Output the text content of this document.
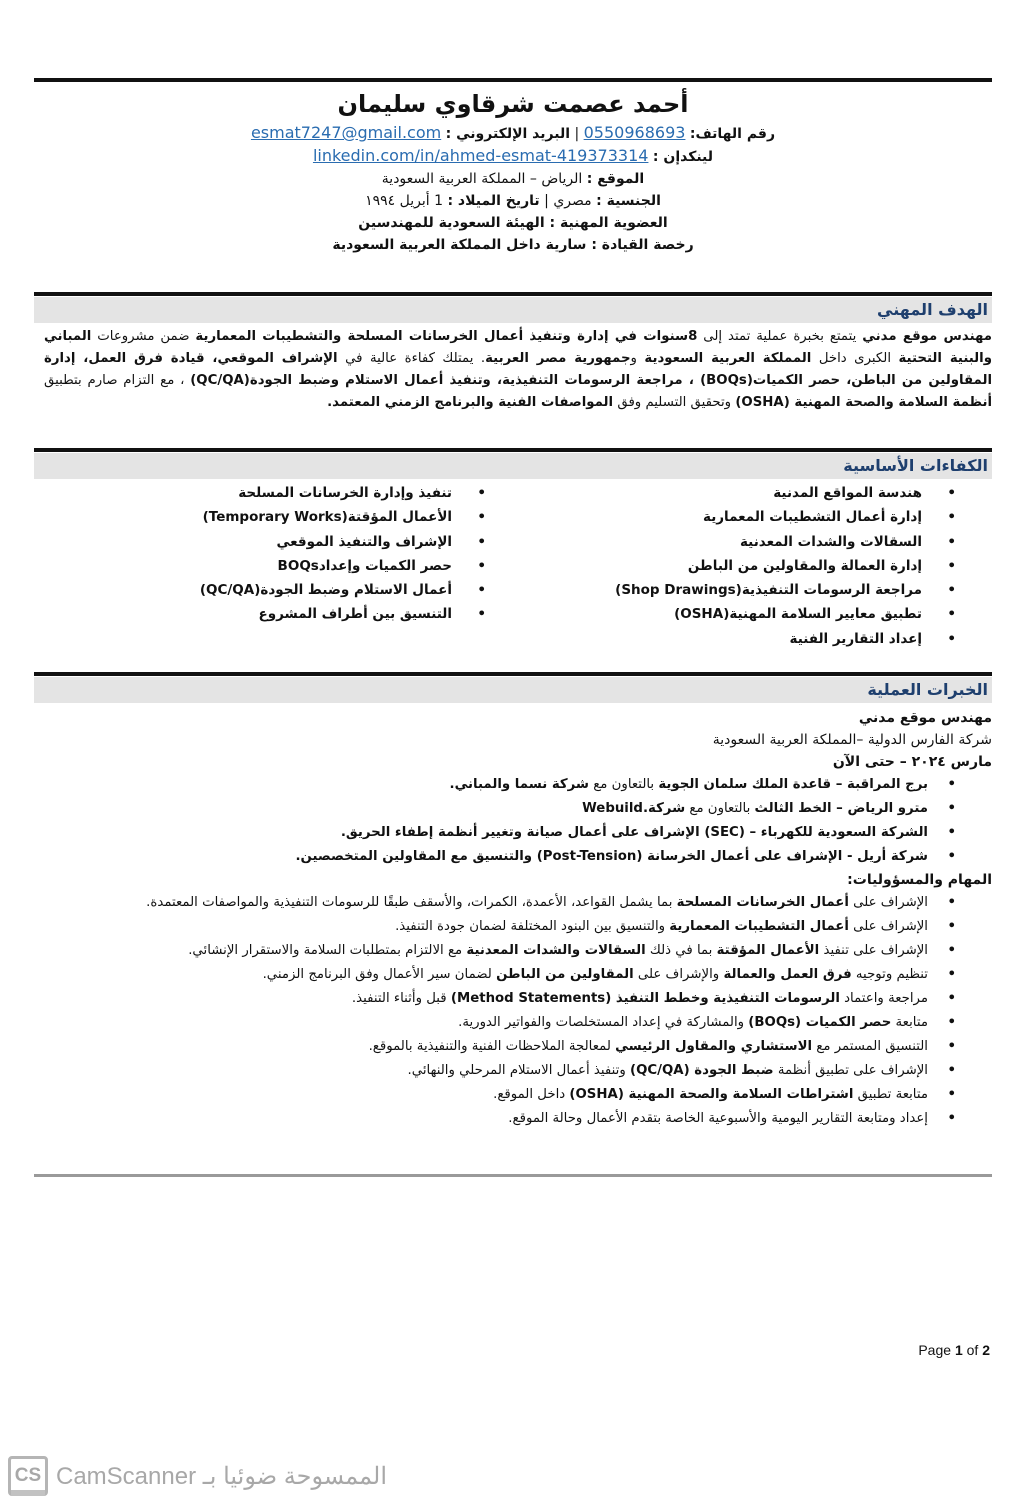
أحمد عصمت شرقاوي سليمان
رقم الهاتف: 0550968693 | البريد الإلكتروني : esmat7247@gmail.com
لينكدإن : linkedin.com/in/ahmed-esmat-419373314
الموقع : الرياض – المملكة العربية السعودية
الجنسية : مصري | تاريخ الميلاد : 1 أبريل ١٩٩٤
العضوية المهنية : الهيئة السعودية للمهندسين
رخصة القيادة : سارية داخل المملكة العربية السعودية
الهدف المهني
مهندس موقع مدني يتمتع بخبرة عملية تمتد إلى 8سنوات في إدارة وتنفيذ أعمال الخرسانات المسلحة والتشطيبات المعمارية ضمن مشروعات المباني والبنية التحتية الكبرى داخل المملكة العربية السعودية وجمهورية مصر العربية. يمتلك كفاءة عالية في الإشراف الموقعي، قيادة فرق العمل، إدارة المقاولين من الباطن، حصر الكميات(BOQs) ، مراجعة الرسومات التنفيذية، وتنفيذ أعمال الاستلام وضبط الجودة(QC/QA) ، مع التزام صارم بتطبيق أنظمة السلامة والصحة المهنية (OSHA) وتحقيق التسليم وفق المواصفات الفنية والبرنامج الزمني المعتمد.
الكفاءات الأساسية
• هندسة المواقع المدنية
• إدارة أعمال التشطيبات المعمارية
• السقالات والشدات المعدنية
• إدارة العمالة والمقاولين من الباطن
• مراجعة الرسومات التنفيذية(Shop Drawings)
• تطبيق معايير السلامة المهنية(OSHA)
• إعداد التقارير الفنية
• تنفيذ وإدارة الخرسانات المسلحة
• الأعمال المؤقتة(Temporary Works)
• الإشراف والتنفيذ الموقعي
• حصر الكميات وإعدادBOQs
• أعمال الاستلام وضبط الجودة(QC/QA)
• التنسيق بين أطراف المشروع
الخبرات العملية
مهندس موقع مدني
شركة الفارس الدولية –المملكة العربية السعودية
مارس ٢٠٢٤ – حتى الآن
• برج المراقبة – قاعدة الملك سلمان الجوية بالتعاون مع شركة نسما والمباني.
• مترو الرياض – الخط الثالث بالتعاون مع شركة.Webuild
• الشركة السعودية للكهرباء – (SEC) الإشراف على أعمال صيانة وتغيير أنظمة إطفاء الحريق.
• شركة أريل - الإشراف على أعمال الخرسانة (Post-Tension) والتنسيق مع المقاولين المتخصصين.
المهام والمسؤوليات:
• الإشراف على أعمال الخرسانات المسلحة بما يشمل القواعد، الأعمدة، الكمرات، والأسقف طبقًا للرسومات التنفيذية والمواصفات المعتمدة.
• الإشراف على أعمال التشطيبات المعمارية والتنسيق بين البنود المختلفة لضمان جودة التنفيذ.
• الإشراف على تنفيذ الأعمال المؤقتة بما في ذلك السقالات والشدات المعدنية مع الالتزام بمتطلبات السلامة والاستقرار الإنشائي.
• تنظيم وتوجيه فرق العمل والعمالة والإشراف على المقاولين من الباطن لضمان سير الأعمال وفق البرنامج الزمني.
• مراجعة واعتماد الرسومات التنفيذية وخطط التنفيذ (Method Statements) قبل وأثناء التنفيذ.
• متابعة حصر الكميات (BOQs) والمشاركة في إعداد المستخلصات والفواتير الدورية.
• التنسيق المستمر مع الاستشاري والمقاول الرئيسي لمعالجة الملاحظات الفنية والتنفيذية بالموقع.
• الإشراف على تطبيق أنظمة ضبط الجودة (QC/QA) وتنفيذ أعمال الاستلام المرحلي والنهائي.
• متابعة تطبيق اشتراطات السلامة والصحة المهنية (OSHA) داخل الموقع.
• إعداد ومتابعة التقارير اليومية والأسبوعية الخاصة بتقدم الأعمال وحالة الموقع.
Page 1 of 2
CS CamScanner الممسوحة ضوئيا بـ
